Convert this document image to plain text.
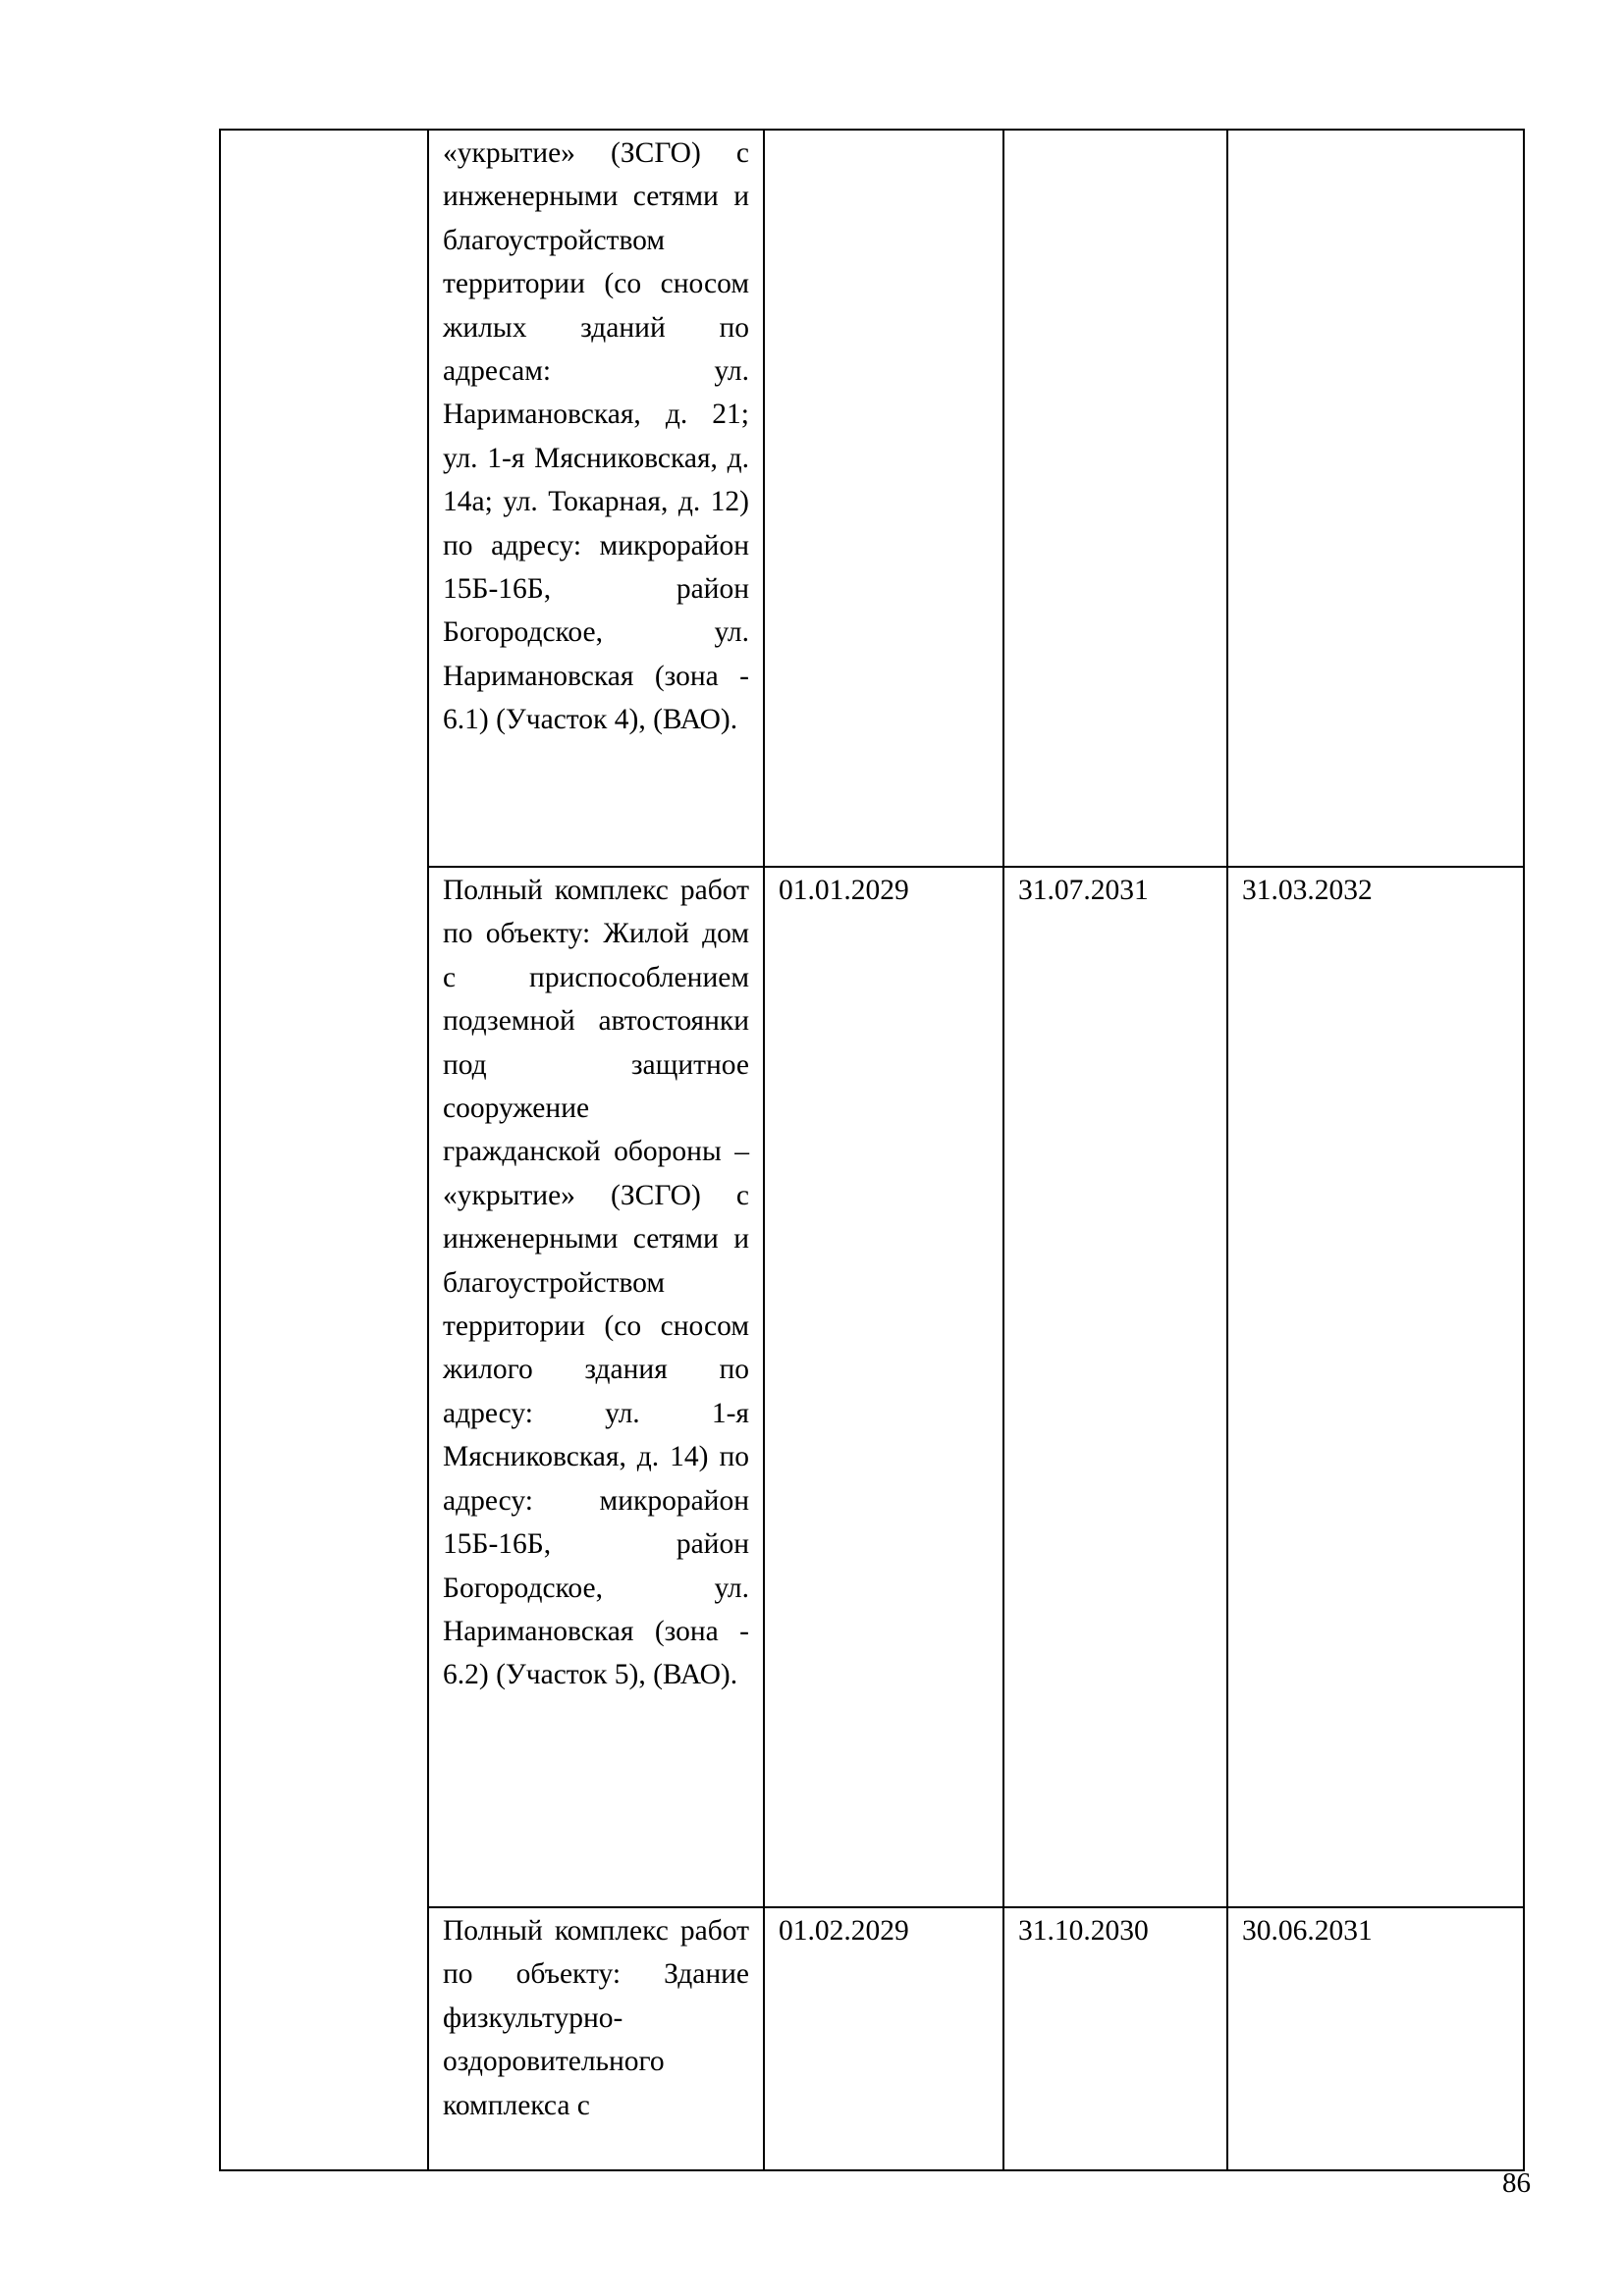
	«укрытие» (ЗСГО) с инженерными сетями и благоустройством территории (со сносом жилых зданий по адресам: ул. Наримановская, д. 21; ул. 1-я Мясниковская, д. 14а; ул. Токарная, д. 12) по адресу: микрорайон 15Б-16Б, район Богородское, ул. Наримановская (зона - 6.1) (Участок 4), (ВАО).			

	Полный комплекс работ по объекту: Жилой дом с приспособлением подземной автостоянки под защитное сооружение гражданской обороны – «укрытие» (ЗСГО) с инженерными сетями и благоустройством территории (со сносом жилого здания по адресу: ул. 1-я Мясниковская, д. 14) по адресу: микрорайон 15Б-16Б, район Богородское, ул. Наримановская (зона - 6.2) (Участок 5), (ВАО).	01.01.2029	31.07.2031	31.03.2032

	Полный комплекс работ по объекту: Здание физкультурно-оздоровительного комплекса с	01.02.2029	31.10.2030	30.06.2031
86
